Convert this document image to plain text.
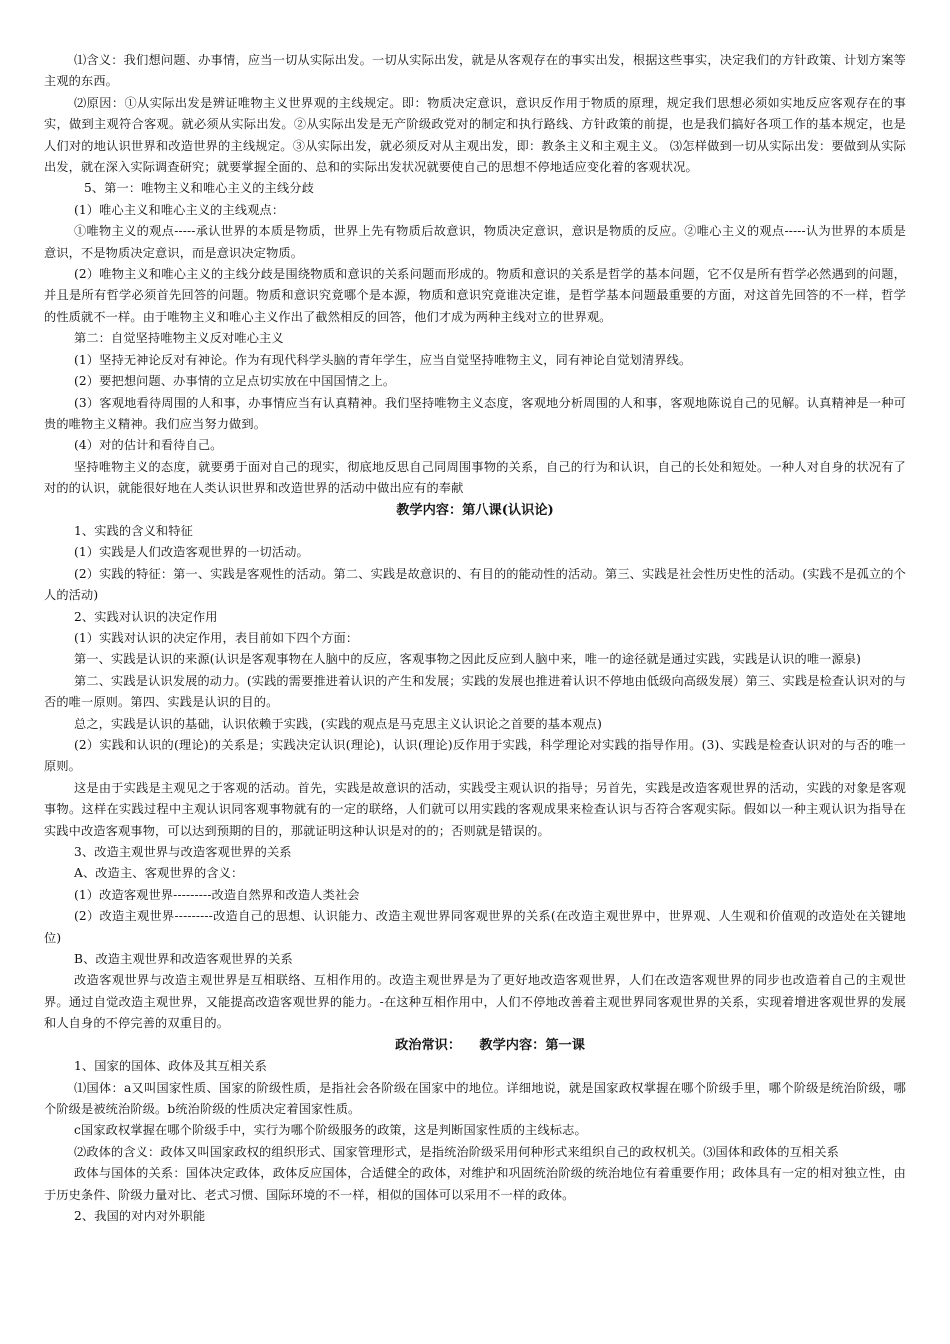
⑴含义：我们想问题、办事情，应当一切从实际出发。一切从实际出发，就是从客观存在的事实出发，根据这些事实，决定我们的方针政策、计划方案等主观的东西。

⑵原因：①从实际出发是辨证唯物主义世界观的主线规定。即：物质决定意识，意识反作用于物质的原理，规定我们思想必须如实地反应客观存在的事实，做到主观符合客观。就必须从实际出发。②从实际出发是无产阶级政党对的制定和执行路线、方针政策的前提，也是我们搞好各项工作的基本规定，也是人们对的地认识世界和改造世界的主线规定。③从实际出发，就必须反对从主观出发，即：教条主义和主观主义。 ⑶怎样做到一切从实际出发：要做到从实际出发，就在深入实际调查研究；就要掌握全面的、总和的实际出发状况就要使自己的思想不停地适应变化着的客观状况。

5、第一：唯物主义和唯心主义的主线分歧

(1）唯心主义和唯心主义的主线观点：

①唯物主义的观点-----承认世界的本质是物质，世界上先有物质后故意识，物质决定意识，意识是物质的反应。②唯心主义的观点-----认为世界的本质是意识，不是物质决定意识，而是意识决定物质。

(2）唯物主义和唯心主义的主线分歧是围绕物质和意识的关系问题而形成的。物质和意识的关系是哲学的基本问题，它不仅是所有哲学必然遇到的问题，并且是所有哲学必须首先回答的问题。物质和意识究竟哪个是本源，物质和意识究竟谁决定谁，是哲学基本问题最重要的方面，对这首先回答的不一样，哲学的性质就不一样。由于唯物主义和唯心主义作出了截然相反的回答，他们才成为两种主线对立的世界观。

第二：自觉坚持唯物主义反对唯心主义

(1）坚持无神论反对有神论。作为有现代科学头脑的青年学生，应当自觉坚持唯物主义，同有神论自觉划清界线。

(2）要把想问题、办事情的立足点切实放在中国国情之上。

(3）客观地看待周围的人和事，办事情应当有认真精神。我们坚持唯物主义态度，客观地分析周围的人和事，客观地陈说自己的见解。认真精神是一种可贵的唯物主义精神。我们应当努力做到。

(4）对的估计和看待自己。

坚持唯物主义的态度，就要勇于面对自己的现实，彻底地反思自己同周围事物的关系，自己的行为和认识，自己的长处和短处。一种人对自身的状况有了对的的认识，就能很好地在人类认识世界和改造世界的活动中做出应有的奉献

教学内容：第八课(认识论)

1、实践的含义和特征

(1）实践是人们改造客观世界的一切活动。

(2）实践的特征：第一、实践是客观性的活动。第二、实践是故意识的、有目的的能动性的活动。第三、实践是社会性历史性的活动。(实践不是孤立的个人的活动)

2、实践对认识的决定作用

(1）实践对认识的决定作用，表目前如下四个方面：

第一、实践是认识的来源(认识是客观事物在人脑中的反应，客观事物之因此反应到人脑中来，唯一的途径就是通过实践，实践是认识的唯一源泉)

第二、实践是认识发展的动力。(实践的需要推进着认识的产生和发展；实践的发展也推进着认识不停地由低级向高级发展）第三、实践是检查认识对的与否的唯一原则。第四、实践是认识的目的。

总之，实践是认识的基础，认识依赖于实践，(实践的观点是马克思主义认识论之首要的基本观点)

(2）实践和认识的(理论)的关系是；实践决定认识(理论)，认识(理论)反作用于实践，科学理论对实践的指导作用。(3)、实践是检查认识对的与否的唯一原则。

这是由于实践是主观见之于客观的活动。首先，实践是故意识的活动，实践受主观认识的指导；另首先，实践是改造客观世界的活动，实践的对象是客观事物。这样在实践过程中主观认识同客观事物就有的一定的联络，人们就可以用实践的客观成果来检查认识与否符合客观实际。假如以一种主观认识为指导在实践中改造客观事物，可以达到预期的目的，那就证明这种认识是对的的；否则就是错误的。

3、改造主观世界与改造客观世界的关系

A、改造主、客观世界的含义：

(1）改造客观世界---------改造自然界和改造人类社会

(2）改造主观世界---------改造自己的思想、认识能力、改造主观世界同客观世界的关系(在改造主观世界中，世界观、人生观和价值观的改造处在关键地位)

B、改造主观世界和改造客观世界的关系

改造客观世界与改造主观世界是互相联络、互相作用的。改造主观世界是为了更好地改造客观世界，人们在改造客观世界的同步也改造着自己的主观世界。通过自觉改造主观世界，又能提高改造客观世界的能力。-在这种互相作用中，人们不停地改善着主观世界同客观世界的关系，实现着增进客观世界的发展和人自身的不停完善的双重目的。

政治常识：    教学内容：第一课

1、国家的国体、政体及其互相关系

⑴国体：a又叫国家性质、国家的阶级性质，是指社会各阶级在国家中的地位。详细地说，就是国家政权掌握在哪个阶级手里，哪个阶级是统治阶级，哪个阶级是被统治阶级。b统治阶级的性质决定着国家性质。

c国家政权掌握在哪个阶级手中，实行为哪个阶级服务的政策，这是判断国家性质的主线标志。

⑵政体的含义：政体又叫国家政权的组织形式、国家管理形式，是指统治阶级采用何种形式来组织自己的政权机关。⑶国体和政体的互相关系

政体与国体的关系：国体决定政体，政体反应国体，合适健全的政体，对维护和巩固统治阶级的统治地位有着重要作用；政体具有一定的相对独立性，由于历史条件、阶级力量对比、老式习惯、国际环境的不一样，相似的国体可以采用不一样的政体。

2、我国的对内对外职能
